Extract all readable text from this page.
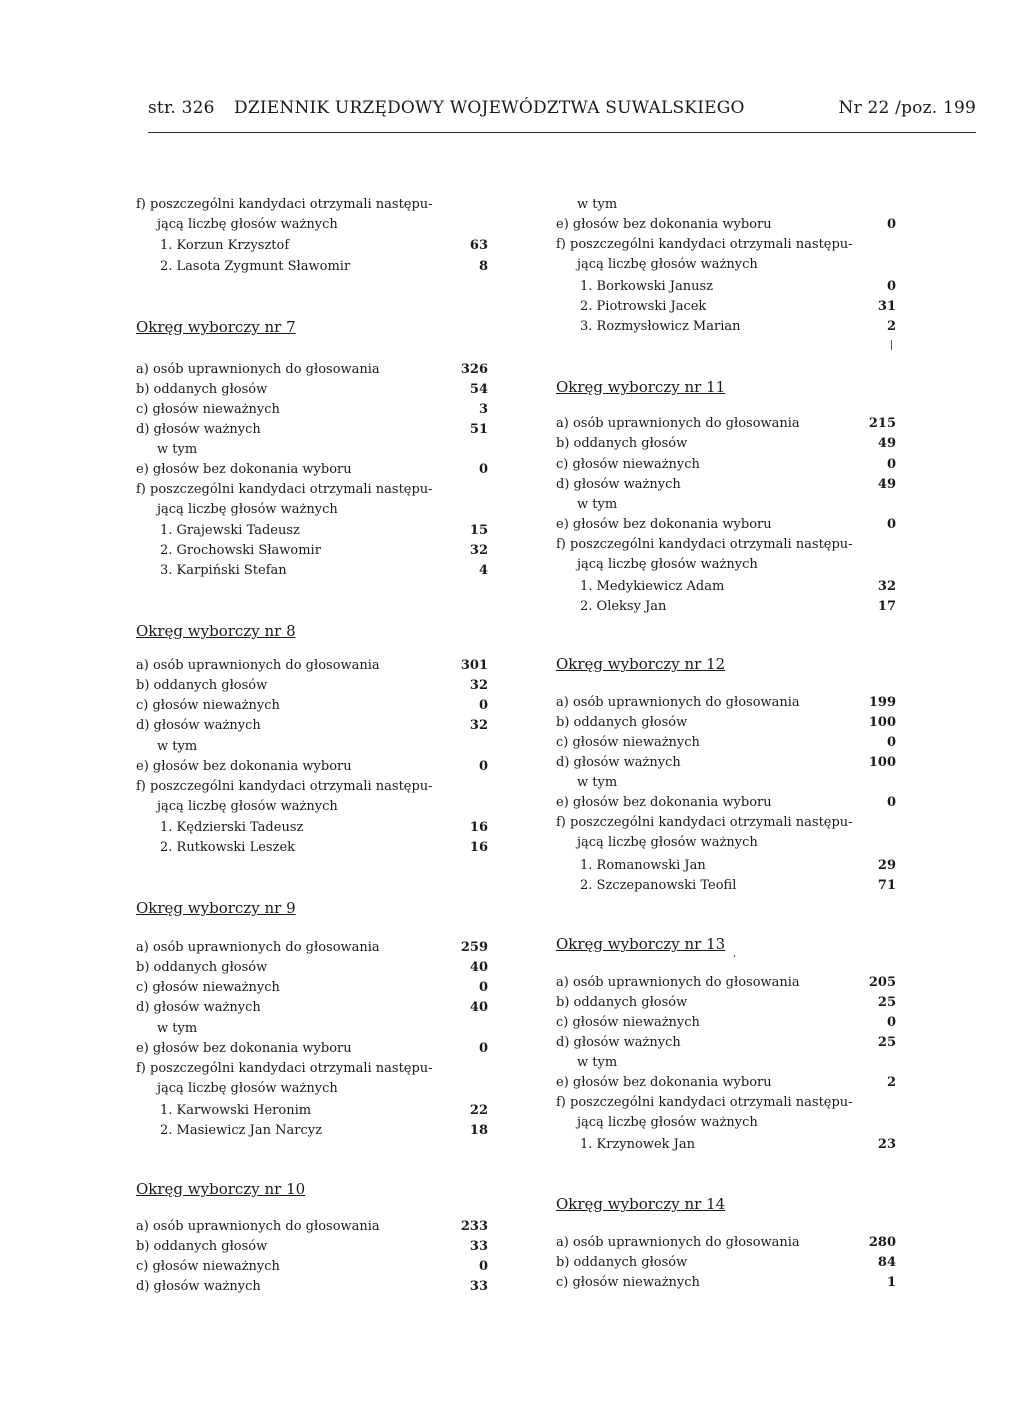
str. 326 DZIENNIK URZĘDOWY WOJEWÓDZTWA SUWALSKIEGO	Nr 22 /poz. 199
f) poszczególni kandydaci otrzymali następu-
jącą liczbę głosów ważnych
1. Korzun Krzysztof	63
2. Lasota Zygmunt Sławomir	8
Okręg wyborczy nr 7
a) osób uprawnionych do głosowania	326
b) oddanych głosów	54
c) głosów nieważnych	3
d) głosów ważnych	51
w tym
e) głosów bez dokonania wyboru	0
f) poszczególni kandydaci otrzymali następu-
jącą liczbę głosów ważnych
1. Grajewski Tadeusz	15
2. Grochowski Sławomir	32
3. Karpiński Stefan	4
Okręg wyborczy nr 8
a) osób uprawnionych do głosowania	301
b) oddanych głosów	32
c) głosów nieważnych	0
d) głosów ważnych	32
w tym
e) głosów bez dokonania wyboru	0
f) poszczególni kandydaci otrzymali następu-
jącą liczbę głosów ważnych
1. Kędzierski Tadeusz	16
2. Rutkowski Leszek	16
Okręg wyborczy nr 9
a) osób uprawnionych do głosowania	259
b) oddanych głosów	40
c) głosów nieważnych	0
d) głosów ważnych	40
w tym
e) głosów bez dokonania wyboru	0
f) poszczególni kandydaci otrzymali następu-
jącą liczbę głosów ważnych
1. Karwowski Heronim	22
2. Masiewicz Jan Narcyz	18
Okręg wyborczy nr 10
a) osób uprawnionych do głosowania	233
b) oddanych głosów	33
c) głosów nieważnych	0
d) głosów ważnych	33
w tym
e) głosów bez dokonania wyboru	0
f) poszczególni kandydaci otrzymali następu-
jącą liczbę głosów ważnych
1. Borkowski Janusz	0
2. Piotrowski Jacek	31
3. Rozmysłowicz Marian	2
Okręg wyborczy nr 11
a) osób uprawnionych do głosowania	215
b) oddanych głosów	49
c) głosów nieważnych	0
d) głosów ważnych	49
w tym
e) głosów bez dokonania wyboru	0
f) poszczególni kandydaci otrzymali następu-
jącą liczbę głosów ważnych
1. Medykiewicz Adam	32
2. Oleksy Jan	17
Okręg wyborczy nr 12
a) osób uprawnionych do głosowania	199
b) oddanych głosów	100
c) głosów nieważnych	0
d) głosów ważnych	100
w tym
e) głosów bez dokonania wyboru	0
f) poszczególni kandydaci otrzymali następu-
jącą liczbę głosów ważnych
1. Romanowski Jan	29
2. Szczepanowski Teofil	71
Okręg wyborczy nr 13
,
a) osób uprawnionych do głosowania	205
b) oddanych głosów	25
c) głosów nieważnych	0
d) głosów ważnych	25
w tym
e) głosów bez dokonania wyboru	2
f) poszczególni kandydaci otrzymali następu-
jącą liczbę głosów ważnych
1. Krzynowek Jan	23
Okręg wyborczy nr 14
a) osób uprawnionych do głosowania	280
b) oddanych głosów	84
c) głosów nieważnych	1
